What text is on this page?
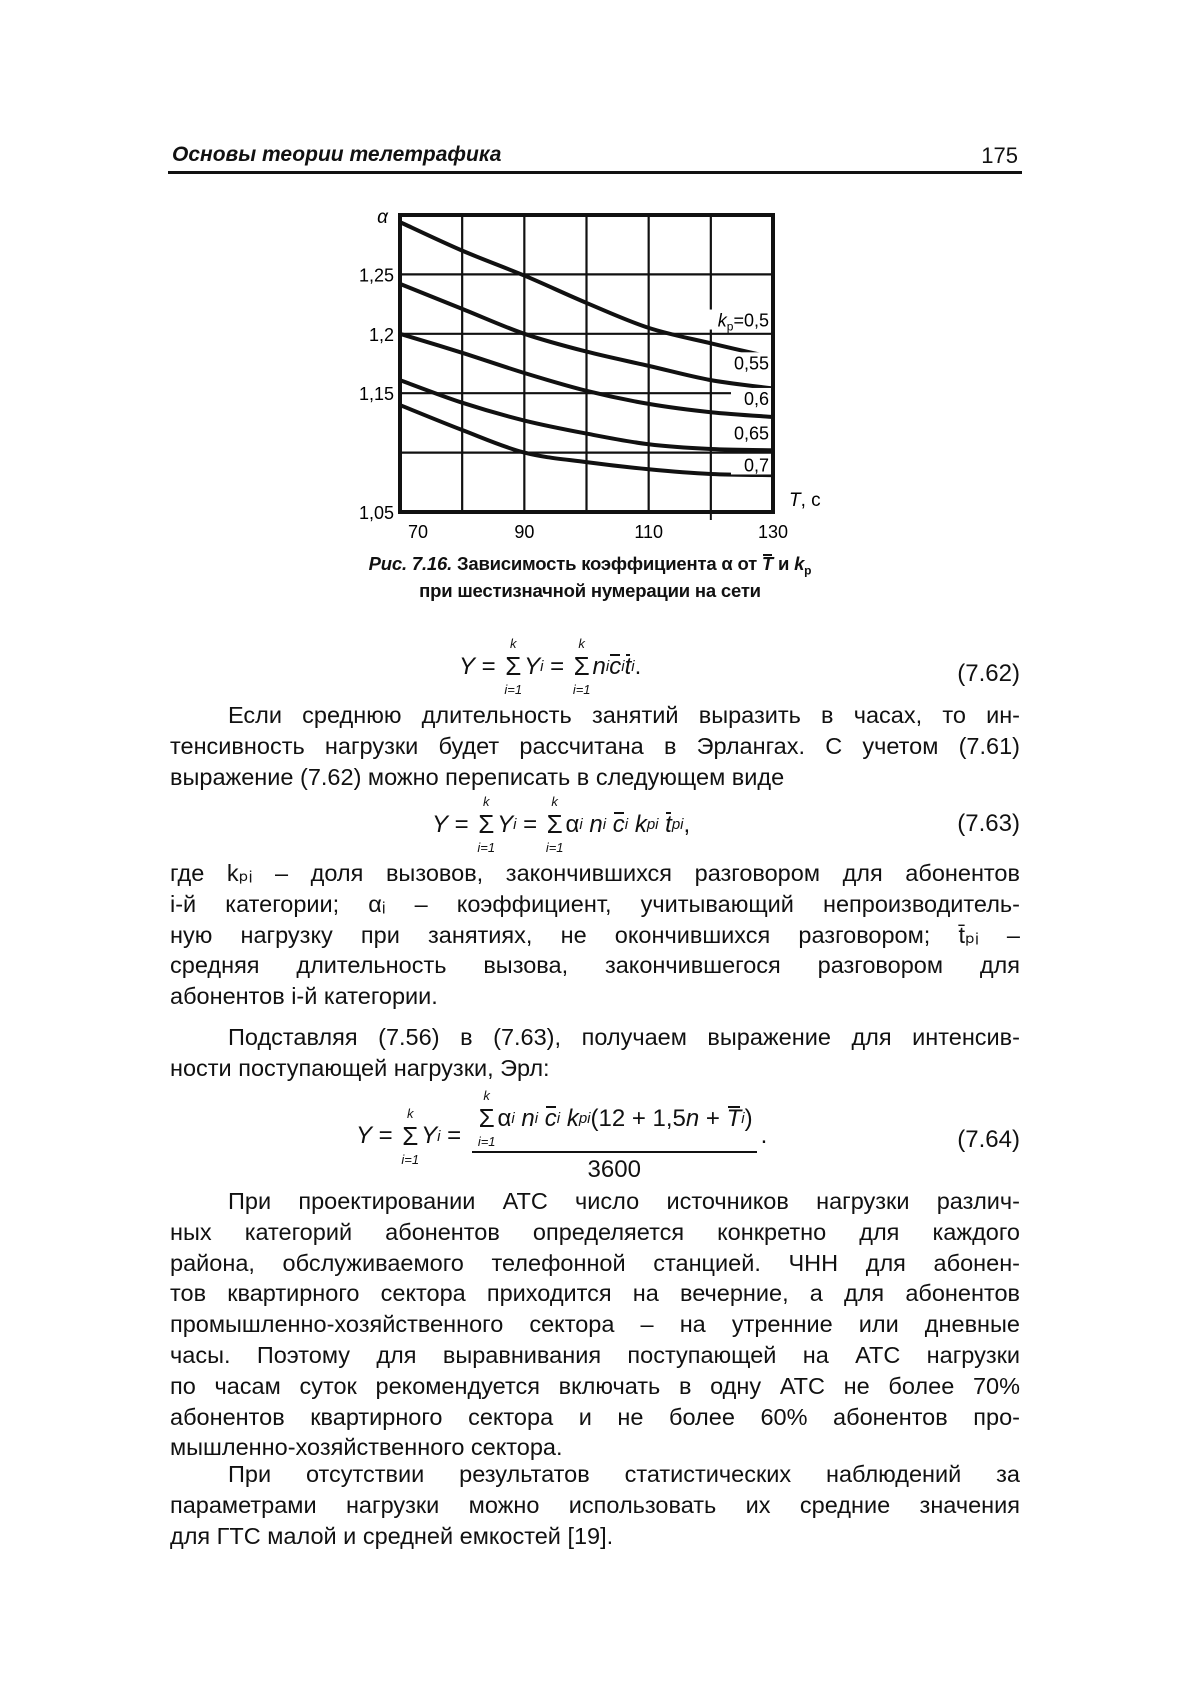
Основы теории телетрафика	175
$k_p=0,5$
0,55
0,6
0,65
0,7
1,25
1,2
1,15
1,05
70	90	110	130
α
T, c
Рис. 7.16. Зависимость коэффициента α от T и $k_p$
при шестизначной нумерации на сети
Y =
k
Σ
i=1
Y i =
k
Σ
i=1
n i c i t i .	(7.62)
Если среднюю длительность занятий выразить в часах, то ин-
тенсивность нагрузки будет рассчитана в Эрлангах. С учетом (7.61)
выражение (7.62) можно переписать в следующем виде
Y =
k
Σ
i=1
Y i =
k
Σ
i=1
α i
n i
c i
k pi
t pi ,	(7.63)
где kₚᵢ – доля вызовов, закончившихся разговором для абонентов
i-й категории; αᵢ – коэффициент, учитывающий непроизводитель-
ную нагрузку при занятиях, не окончившихся разговором; t̄ₚᵢ –
средняя длительность вызова, закончившегося разговором для
абонентов i-й категории.
Подставляя (7.56) в (7.63), получаем выражение для интенсив-
ности поступающей нагрузки, Эрл:
Y =
k
Σ
i=1
Y i = k
Σ
i=1
α i
n i
c i
k pi (12 + 1,5 n + T i )
3600 .	(7.64)
При проектировании АТС число источников нагрузки различ-
ных категорий абонентов определяется конкретно для каждого
района, обслуживаемого телефонной станцией. ЧНН для абонен-
тов квартирного сектора приходится на вечерние, а для абонентов
промышленно-хозяйственного сектора – на утренние или дневные
часы. Поэтому для выравнивания поступающей на АТС нагрузки
по часам суток рекомендуется включать в одну АТС не более 70%
абонентов квартирного сектора и не более 60% абонентов про-
мышленно-хозяйственного сектора.
При отсутствии результатов статистических наблюдений за
параметрами нагрузки можно использовать их средние значения
для ГТС малой и средней емкостей [19].
